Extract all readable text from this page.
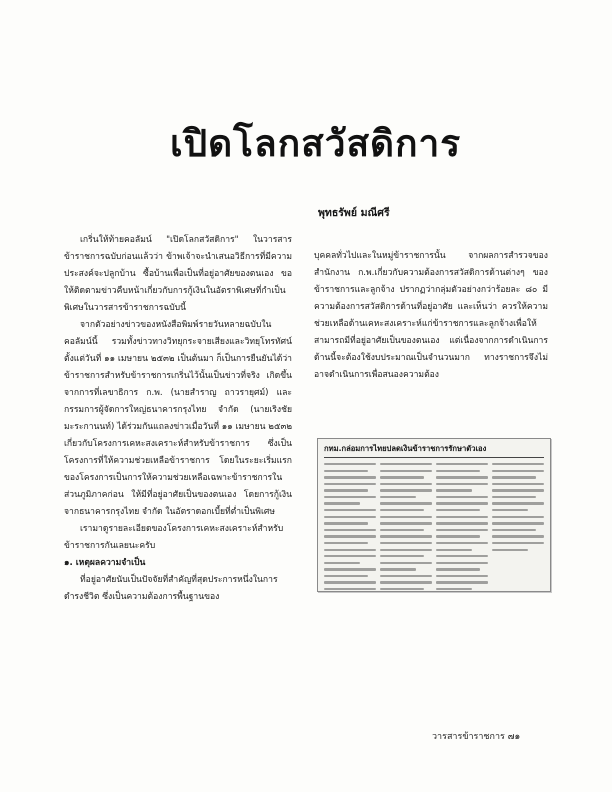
เปิดโลกสวัสดิการ
พุทธรัพย์ มณีศรี

เกริ่นให้ท้ายคอลัมน์ "เปิดโลกสวัสดิการ" ในวารสารข้าราชการฉบับก่อนแล้วว่า ข้าพเจ้าจะนำเสนอวิธีการที่มีความประสงค์จะปลูกบ้าน ซื้อบ้านเพื่อเป็นที่อยู่อาศัยของตนเอง ขอให้ติดตามข่าวคืบหน้าเกี่ยวกับการกู้เงินในอัตราพิเศษที่กำเป็นพิเศษในวารสารข้าราชการฉบับนี้

จากตัวอย่างข่าวของหนังสือพิมพ์รายวันหลายฉบับในคอลัมน์นี้ รวมทั้งข่าวทางวิทยุกระจายเสียงและวิทยุโทรทัศน์ ตั้งแต่วันที่ ๑๑ เมษายน ๒๕๓๒ เป็นต้นมา ก็เป็นการยืนยันได้ว่าข้าราชการสำหรับข้าราชการเกริ่นไว้นั้นเป็นข่าวที่จริง เกิดขึ้นจากการที่เลขาธิการ ก.พ. (นายสำราญ ถาวรายุศม์) และกรรมการผู้จัดการใหญ่ธนาคารกรุงไทย จำกัด (นายเริงชัย มะระกานนท์) ได้ร่วมกันแถลงข่าวเมื่อวันที่ ๑๑ เมษายน ๒๕๓๒ เกี่ยวกับโครงการเคหะสงเคราะห์สำหรับข้าราชการ ซึ่งเป็นโครงการที่ให้ความช่วยเหลือข้าราชการ โดยในระยะเริ่มแรกของโครงการเป็นการให้ความช่วยเหลือเฉพาะข้าราชการในส่วนภูมิภาคก่อน ให้มีที่อยู่อาศัยเป็นของตนเอง โดยการกู้เงินจากธนาคารกรุงไทย จำกัด ในอัตราดอกเบี้ยที่ต่ำเป็นพิเศษ

เรามาดูรายละเอียดของโครงการเคหะสงเคราะห์สำหรับข้าราชการกันเลยนะครับ

๑. เหตุผลความจำเป็น

ที่อยู่อาศัยนับเป็นปัจจัยที่สำคัญที่สุดประการหนึ่งในการดำรงชีวิต ซึ่งเป็นความต้องการพื้นฐานของ

บุคคลทั่วไปและในหมู่ข้าราชการนั้น จากผลการสำรวจของสำนักงาน ก.พ.เกี่ยวกับความต้องการสวัสดิการด้านต่างๆ ของข้าราชการและลูกจ้าง ปรากฏว่ากลุ่มตัวอย่างกว่าร้อยละ ๘๐ มีความต้องการสวัสดิการด้านที่อยู่อาศัย และเห็นว่า ควรให้ความช่วยเหลือด้านเคหะสงเคราะห์แก่ข้าราชการและลูกจ้างเพื่อให้สามารถมีที่อยู่อาศัยเป็นของตนเอง แต่เนื่องจากการดำเนินการด้านนี้จะต้องใช้งบประมาณเป็นจำนวนมาก ทางราชการจึงไม่อาจดำเนินการเพื่อสนองความต้อง

กทม.กล่อมการไทยปลดเงินข้าราชการรักษาตัวเอง
วารสารข้าราชการ ๗๑
